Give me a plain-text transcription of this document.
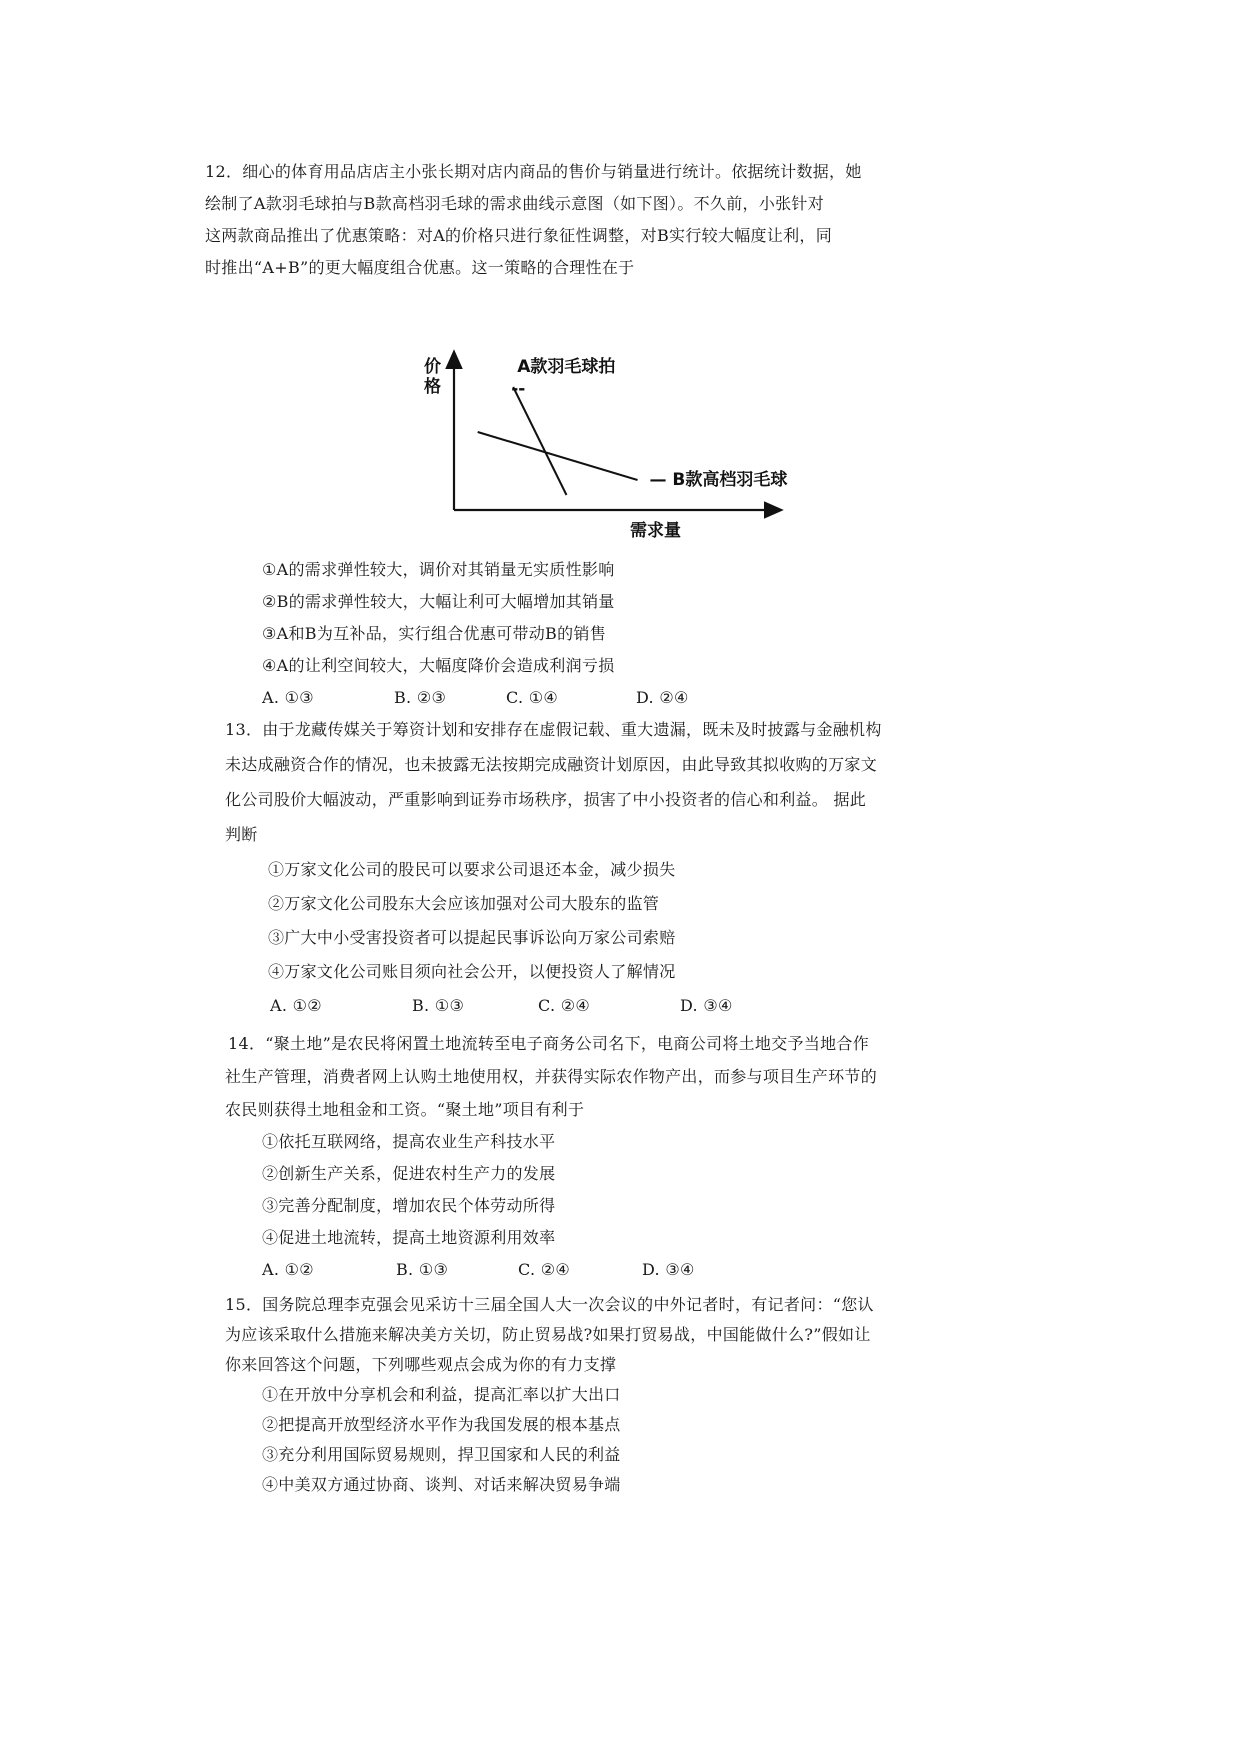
12．细心的体育用品店店主小张长期对店内商品的售价与销量进行统计。依据统计数据，她
绘制了A款羽毛球拍与B款高档羽毛球的需求曲线示意图（如下图）。不久前，小张针对
这两款商品推出了优惠策略：对A的价格只进行象征性调整，对B实行较大幅度让利，同
时推出“A+B”的更大幅度组合优惠。这一策略的合理性在于
价
格
需求量
A款羽毛球拍
--
— B款高档羽毛球
①A的需求弹性较大，调价对其销量无实质性影响
②B的需求弹性较大，大幅让利可大幅增加其销量
③A和B为互补品，实行组合优惠可带动B的销售
④A的让利空间较大，大幅度降价会造成利润亏损
A. ①③	B. ②③	C. ①④	D. ②④
13．由于龙藏传媒关于筹资计划和安排存在虚假记载、重大遗漏，既未及时披露与金融机构
未达成融资合作的情况，也未披露无法按期完成融资计划原因，由此导致其拟收购的万家文
化公司股价大幅波动，严重影响到证券市场秩序，损害了中小投资者的信心和利益。 据此
判断
①万家文化公司的股民可以要求公司退还本金，减少损失
②万家文化公司股东大会应该加强对公司大股东的监管
③广大中小受害投资者可以提起民事诉讼向万家公司索赔
④万家文化公司账目须向社会公开，以便投资人了解情况
A. ①②	B. ①③	C. ②④	D. ③④
14．“聚土地”是农民将闲置土地流转至电子商务公司名下，电商公司将土地交予当地合作
社生产管理，消费者网上认购土地使用权，并获得实际农作物产出，而参与项目生产环节的
农民则获得土地租金和工资。“聚土地”项目有利于
①依托互联网络，提高农业生产科技水平
②创新生产关系，促进农村生产力的发展
③完善分配制度，增加农民个体劳动所得
④促进土地流转，提高土地资源利用效率
A. ①②	B. ①③	C. ②④	D. ③④
15．国务院总理李克强会见采访十三届全国人大一次会议的中外记者时，有记者问：“您认
为应该采取什么措施来解决美方关切，防止贸易战?如果打贸易战，中国能做什么?”假如让
你来回答这个问题，下列哪些观点会成为你的有力支撑
①在开放中分享机会和利益，提高汇率以扩大出口
②把提高开放型经济水平作为我国发展的根本基点
③充分利用国际贸易规则，捍卫国家和人民的利益
④中美双方通过协商、谈判、对话来解决贸易争端
